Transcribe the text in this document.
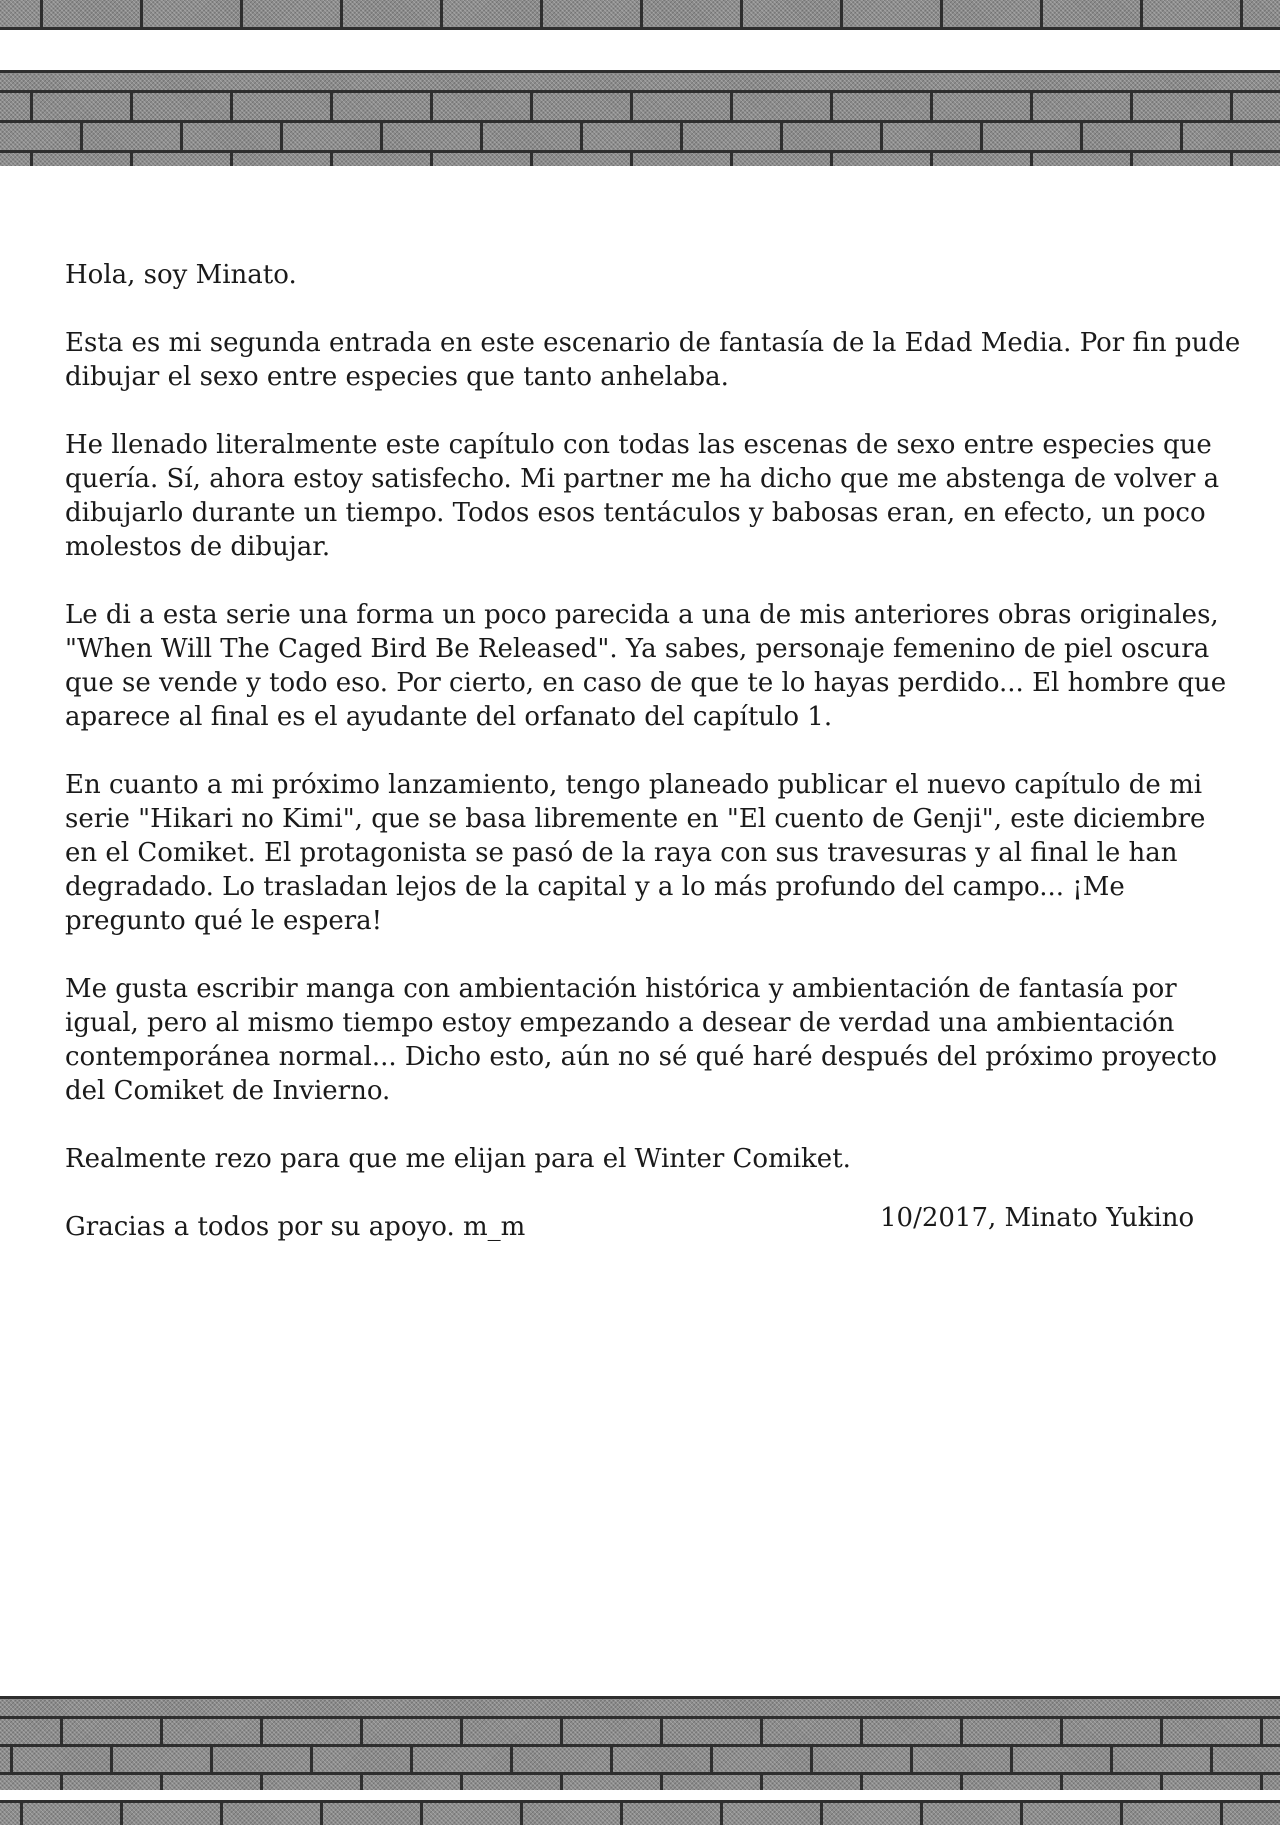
Hola, soy Minato.

Esta es mi segunda entrada en este escenario de fantasía de la Edad Media. Por fin pude dibujar el sexo entre especies que tanto anhelaba.

He llenado literalmente este capítulo con todas las escenas de sexo entre especies que quería. Sí, ahora estoy satisfecho. Mi partner me ha dicho que me abstenga de volver a dibujarlo durante un tiempo. Todos esos tentáculos y babosas eran, en efecto, un poco molestos de dibujar.

Le di a esta serie una forma un poco parecida a una de mis anteriores obras originales, "When Will The Caged Bird Be Released". Ya sabes, personaje femenino de piel oscura que se vende y todo eso. Por cierto, en caso de que te lo hayas perdido... El hombre que aparece al final es el ayudante del orfanato del capítulo 1.

En cuanto a mi próximo lanzamiento, tengo planeado publicar el nuevo capítulo de mi serie "Hikari no Kimi", que se basa libremente en "El cuento de Genji", este diciembre en el Comiket. El protagonista se pasó de la raya con sus travesuras y al final le han degradado. Lo trasladan lejos de la capital y a lo más profundo del campo... ¡Me pregunto qué le espera!

Me gusta escribir manga con ambientación histórica y ambientación de fantasía por igual, pero al mismo tiempo estoy empezando a desear de verdad una ambientación contemporánea normal... Dicho esto, aún no sé qué haré después del próximo proyecto del Comiket de Invierno.

Realmente rezo para que me elijan para el Winter Comiket.

Gracias a todos por su apoyo. m_m	10/2017, Minato Yukino
